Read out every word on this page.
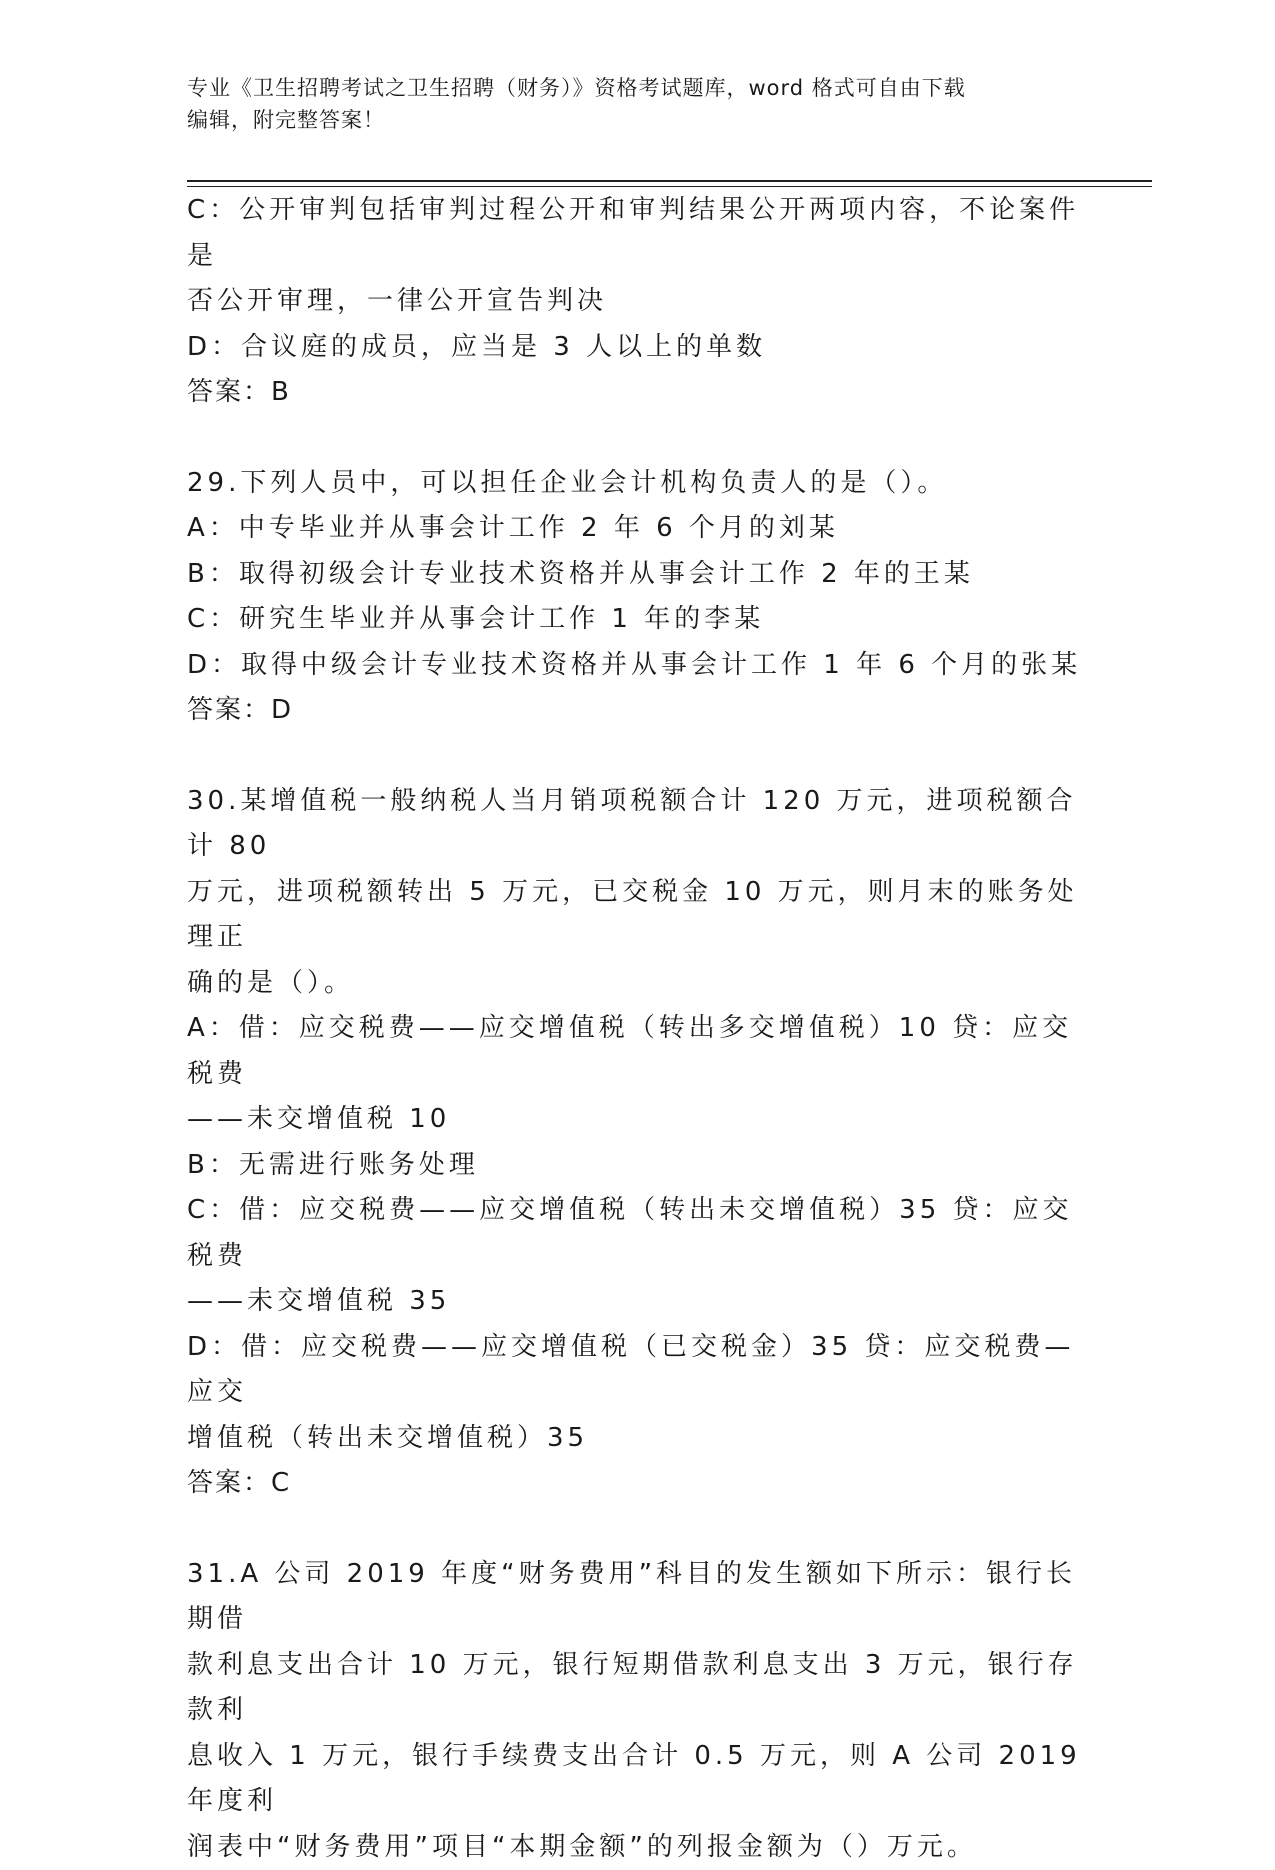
专业《卫生招聘考试之卫生招聘（财务）》资格考试题库，word 格式可自由下载
编辑，附完整答案！

C：公开审判包括审判过程公开和审判结果公开两项内容，不论案件是

否公开审理，一律公开宣告判决

D：合议庭的成员，应当是 3 人以上的单数

答案：B

29.下列人员中，可以担任企业会计机构负责人的是（）。

A：中专毕业并从事会计工作 2 年 6 个月的刘某

B：取得初级会计专业技术资格并从事会计工作 2 年的王某

C：研究生毕业并从事会计工作 1 年的李某

D：取得中级会计专业技术资格并从事会计工作 1 年 6 个月的张某

答案：D

30.某增值税一般纳税人当月销项税额合计 120 万元，进项税额合计 80

万元，进项税额转出 5 万元，已交税金 10 万元，则月末的账务处理正

确的是（）。

A：借：应交税费——应交增值税（转出多交增值税）10 贷：应交税费

——未交增值税 10

B：无需进行账务处理

C：借：应交税费——应交增值税（转出未交增值税）35 贷：应交税费

——未交增值税 35

D：借：应交税费——应交增值税（已交税金）35 贷：应交税费—应交

增值税（转出未交增值税）35

答案：C

31.A 公司 2019 年度“财务费用”科目的发生额如下所示：银行长期借

款利息支出合计 10 万元，银行短期借款利息支出 3 万元，银行存款利

息收入 1 万元，银行手续费支出合计 0.5 万元，则 A 公司 2019 年度利

润表中“财务费用”项目“本期金额”的列报金额为（）万元。
